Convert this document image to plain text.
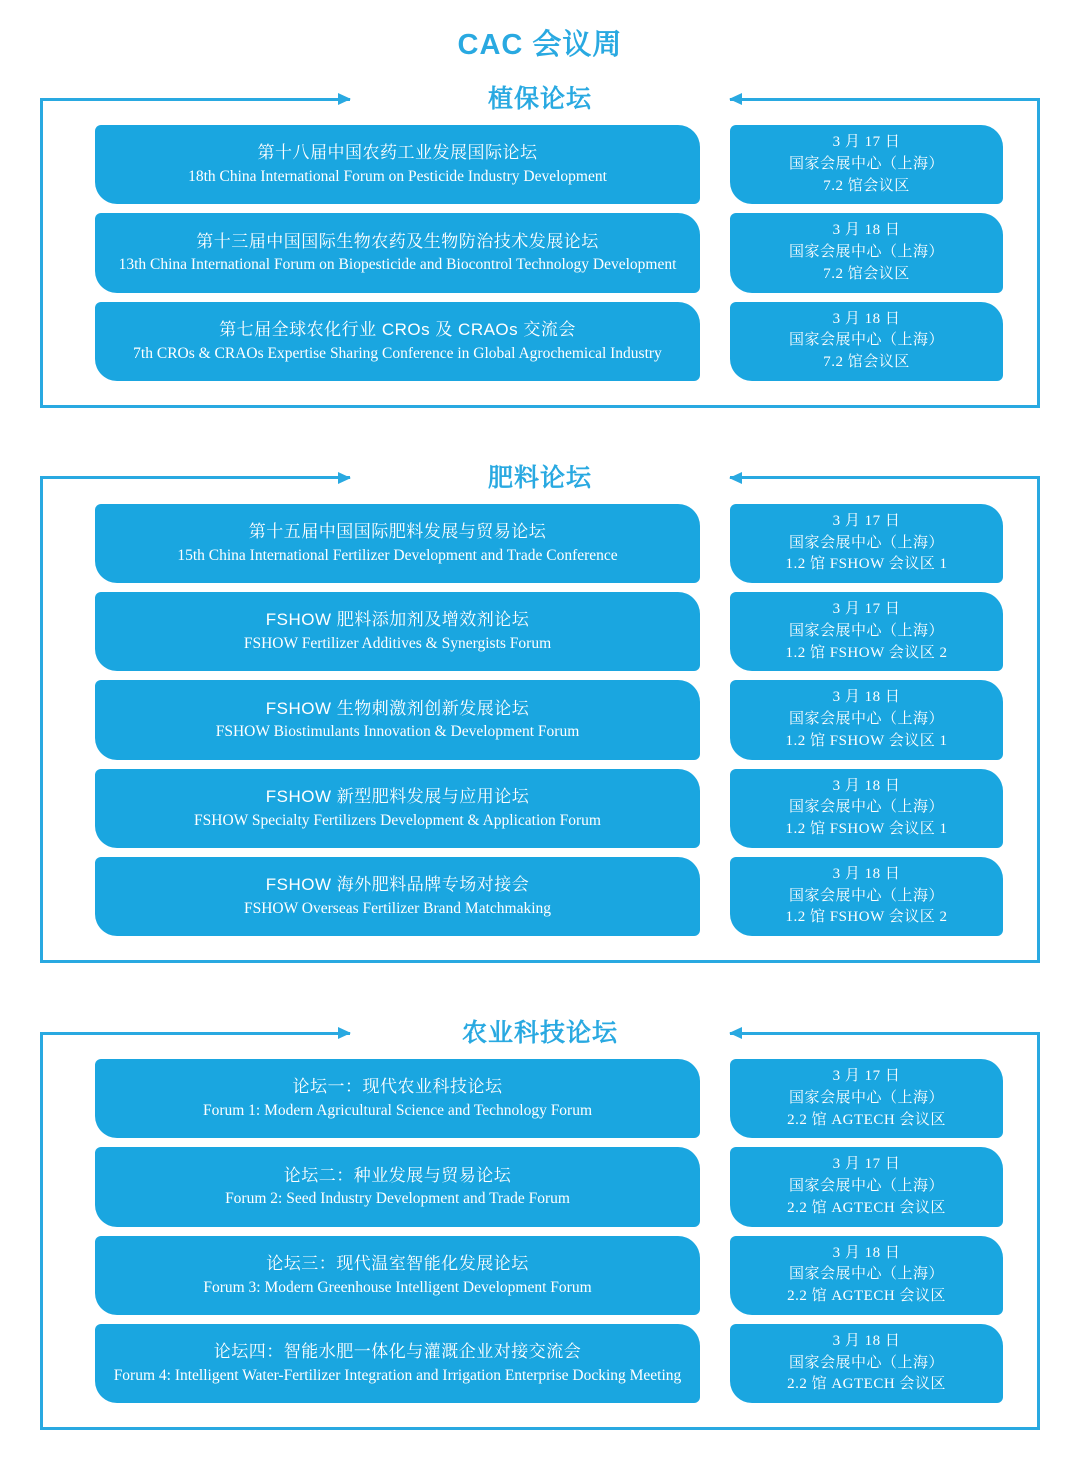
CAC 会议周
植保论坛
第十八届中国农药工业发展国际论坛
18th China International Forum on Pesticide Industry Development
3 月 17 日
国家会展中心（上海）
7.2 馆会议区
第十三届中国国际生物农药及生物防治技术发展论坛
13th China International Forum on Biopesticide and Biocontrol Technology Development
3 月 18 日
国家会展中心（上海）
7.2 馆会议区
第七届全球农化行业 CROs 及 CRAOs 交流会
7th CROs & CRAOs Expertise Sharing Conference in Global Agrochemical Industry
3 月 18 日
国家会展中心（上海）
7.2 馆会议区
肥料论坛
第十五届中国国际肥料发展与贸易论坛
15th China International Fertilizer Development and Trade Conference
3 月 17 日
国家会展中心（上海）
1.2 馆 FSHOW 会议区 1
FSHOW 肥料添加剂及增效剂论坛
FSHOW Fertilizer Additives & Synergists Forum
3 月 17 日
国家会展中心（上海）
1.2 馆 FSHOW 会议区 2
FSHOW 生物刺激剂创新发展论坛
FSHOW Biostimulants Innovation & Development Forum
3 月 18 日
国家会展中心（上海）
1.2 馆 FSHOW 会议区 1
FSHOW 新型肥料发展与应用论坛
FSHOW Specialty Fertilizers Development & Application Forum
3 月 18 日
国家会展中心（上海）
1.2 馆 FSHOW 会议区 1
FSHOW 海外肥料品牌专场对接会
FSHOW Overseas Fertilizer Brand Matchmaking
3 月 18 日
国家会展中心（上海）
1.2 馆 FSHOW 会议区 2
农业科技论坛
论坛一：现代农业科技论坛
Forum 1: Modern Agricultural Science and Technology Forum
3 月 17 日
国家会展中心（上海）
2.2 馆 AGTECH 会议区
论坛二：种业发展与贸易论坛
Forum 2: Seed Industry Development and Trade Forum
3 月 17 日
国家会展中心（上海）
2.2 馆 AGTECH 会议区
论坛三：现代温室智能化发展论坛
Forum 3: Modern Greenhouse Intelligent Development Forum
3 月 18 日
国家会展中心（上海）
2.2 馆 AGTECH 会议区
论坛四：智能水肥一体化与灌溉企业对接交流会
Forum 4: Intelligent Water-Fertilizer Integration and Irrigation Enterprise Docking Meeting
3 月 18 日
国家会展中心（上海）
2.2 馆 AGTECH 会议区
